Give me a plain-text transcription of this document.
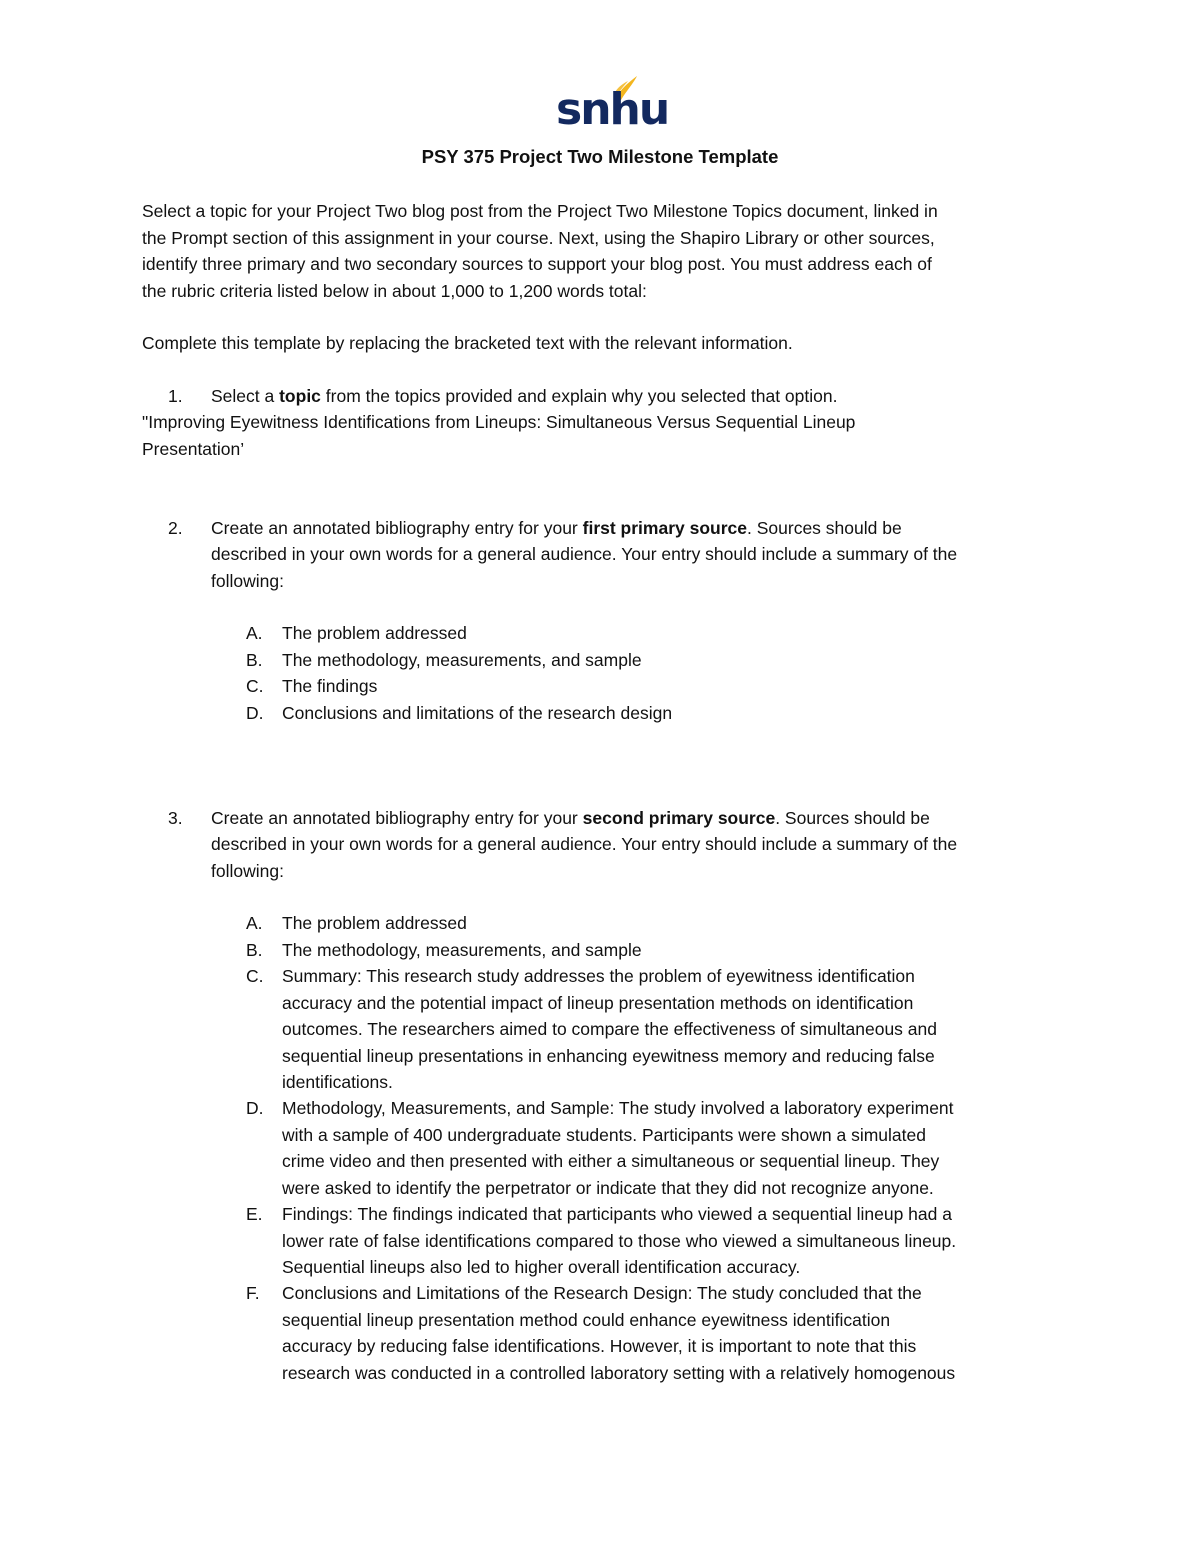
snhu
PSY 375 Project Two Milestone Template
Select a topic for your Project Two blog post from the Project Two Milestone Topics document, linked in
the Prompt section of this assignment in your course. Next, using the Shapiro Library or other sources,
identify three primary and two secondary sources to support your blog post. You must address each of
the rubric criteria listed below in about 1,000 to 1,200 words total:
Complete this template by replacing the bracketed text with the relevant information.
1. Select a topic from the topics provided and explain why you selected that option.
"Improving Eyewitness Identifications from Lineups: Simultaneous Versus Sequential Lineup
Presentation’
2. Create an annotated bibliography entry for your first primary source. Sources should be
described in your own words for a general audience. Your entry should include a summary of the
following:
A. The problem addressed
B. The methodology, measurements, and sample
C. The findings
D. Conclusions and limitations of the research design
3. Create an annotated bibliography entry for your second primary source. Sources should be
described in your own words for a general audience. Your entry should include a summary of the
following:
A. The problem addressed
B. The methodology, measurements, and sample
C. Summary: This research study addresses the problem of eyewitness identification
accuracy and the potential impact of lineup presentation methods on identification
outcomes. The researchers aimed to compare the effectiveness of simultaneous and
sequential lineup presentations in enhancing eyewitness memory and reducing false
identifications.
D. Methodology, Measurements, and Sample: The study involved a laboratory experiment
with a sample of 400 undergraduate students. Participants were shown a simulated
crime video and then presented with either a simultaneous or sequential lineup. They
were asked to identify the perpetrator or indicate that they did not recognize anyone.
E. Findings: The findings indicated that participants who viewed a sequential lineup had a
lower rate of false identifications compared to those who viewed a simultaneous lineup.
Sequential lineups also led to higher overall identification accuracy.
F. Conclusions and Limitations of the Research Design: The study concluded that the
sequential lineup presentation method could enhance eyewitness identification
accuracy by reducing false identifications. However, it is important to note that this
research was conducted in a controlled laboratory setting with a relatively homogenous
